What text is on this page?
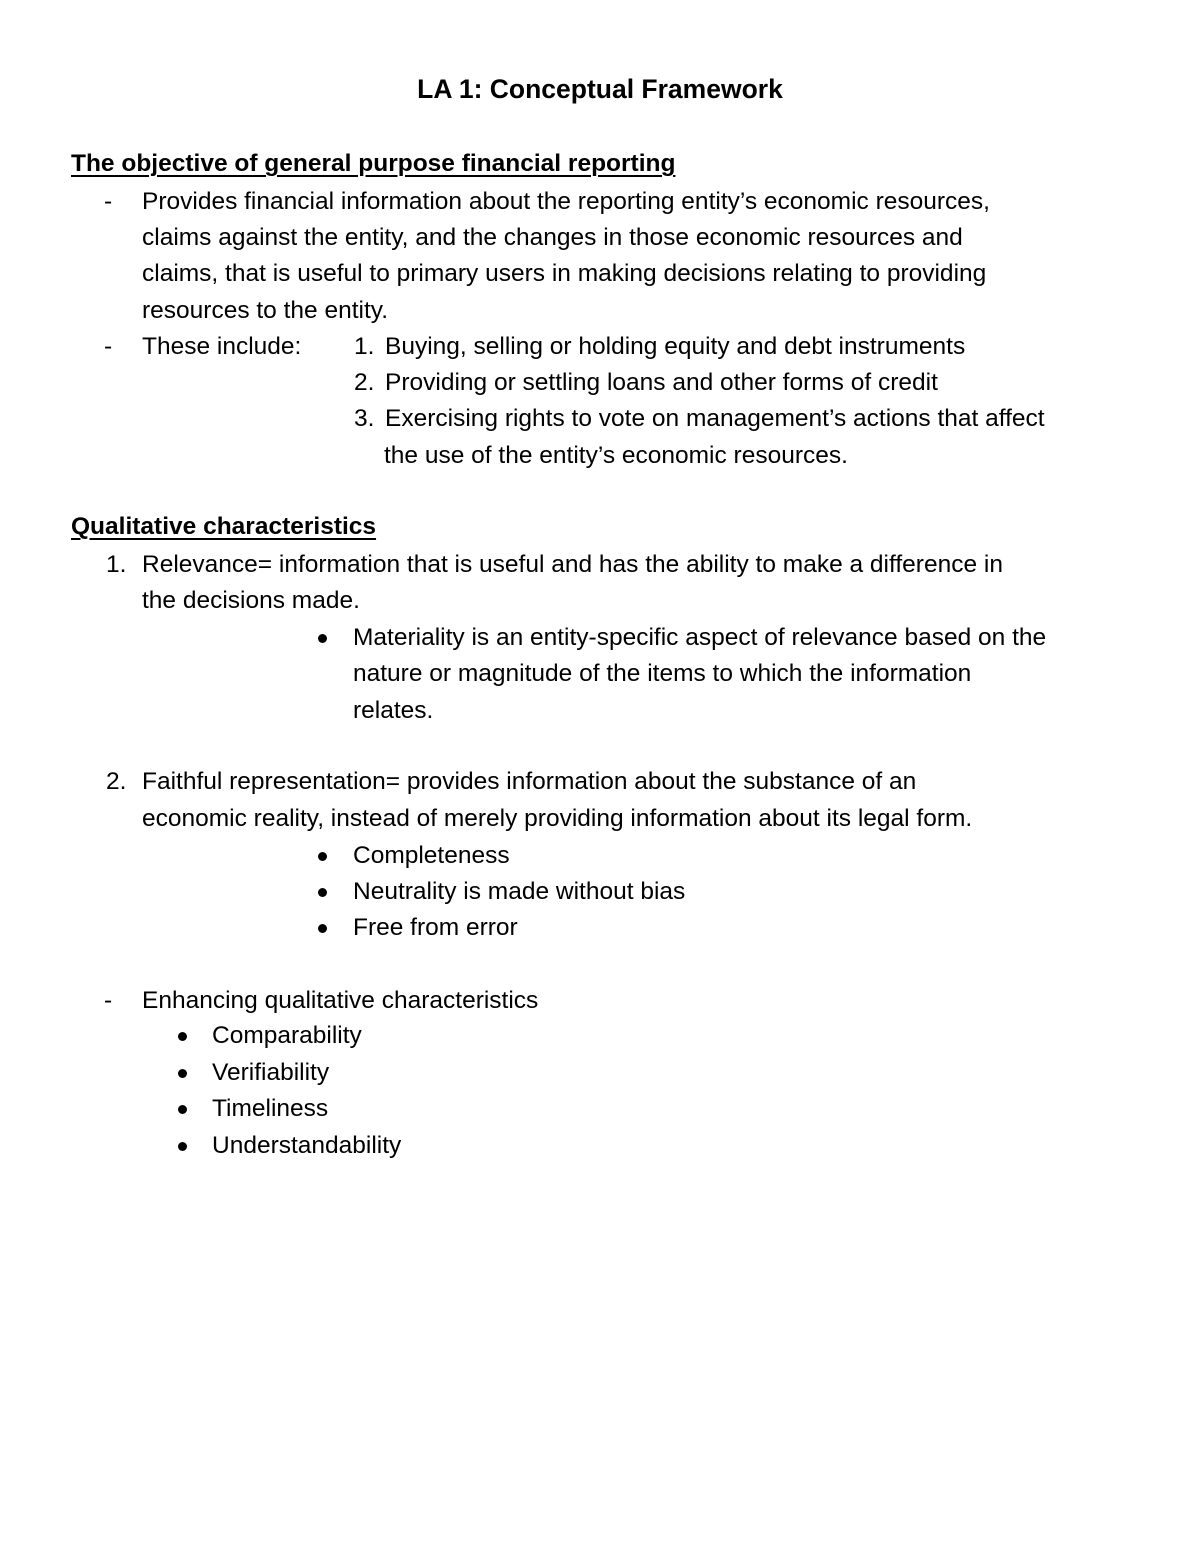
LA 1: Conceptual Framework
The objective of general purpose financial reporting
- Provides financial information about the reporting entity’s economic resources,
claims against the entity, and the changes in those economic resources and
claims, that is useful to primary users in making decisions relating to providing
resources to the entity.
- These include: 1. Buying, selling or holding equity and debt instruments
2. Providing or settling loans and other forms of credit
3. Exercising rights to vote on management’s actions that affect
the use of the entity’s economic resources.
Qualitative characteristics
1. Relevance= information that is useful and has the ability to make a difference in
the decisions made.
Materiality is an entity-specific aspect of relevance based on the
nature or magnitude of the items to which the information
relates.
2. Faithful representation= provides information about the substance of an
economic reality, instead of merely providing information about its legal form.
Completeness
Neutrality is made without bias
Free from error
- Enhancing qualitative characteristics
Comparability
Verifiability
Timeliness
Understandability
